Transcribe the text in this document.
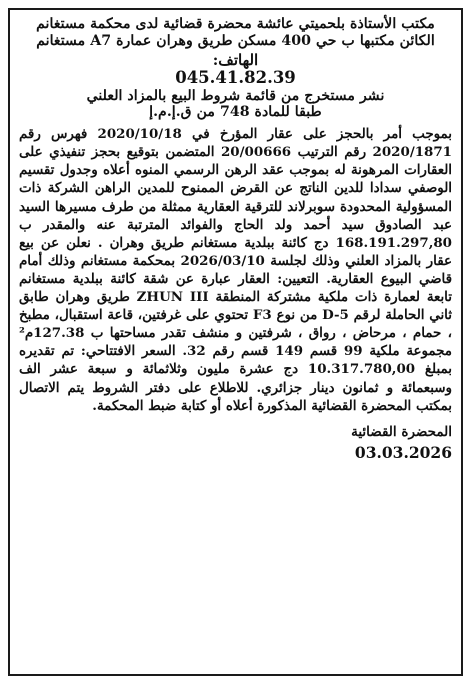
مكتب الأستاذة بلحميتي عائشة محضرة قضائية لدى محكمة مستغانم
الكائن مكتبها ب حي 400 مسكن طريق وهران عمارة A7 مستغانم
الهاتف:
045.41.82.39
نشر مستخرج من قائمة شروط البيع بالمزاد العلني
طبقا للمادة 748 من ق.إ.م.إ

بموجب أمر بالحجز على عقار المؤرخ في 2020/10/18 فهرس رقم 2020/1871 رقم الترتيب 20/00666 المتضمن بتوقيع بحجز تنفيذي على العقارات المرهونة له بموجب عقد الرهن الرسمي المنوه أعلاه وجدول تقسيم الوصفي سدادا للدين الناتج عن القرض الممنوح للمدين الراهن الشركة ذات المسؤولية المحدودة سوبرلاند للترقية العقارية ممثلة من طرف مسيرها السيد عبد الصادوق سيد أحمد ولد الحاج والفوائد المترتبة عنه والمقدر ب 168.191.297,80 دج كائنة ببلدية مستغانم طريق وهران . نعلن عن بيع عقار بالمزاد العلني وذلك لجلسة 2026/03/10 بمحكمة مستغانم وذلك أمام قاضي البيوع العقارية. التعيين: العقار عبارة عن شقة كائنة ببلدية مستغانم تابعة لعمارة ذات ملكية مشتركة المنطقة ZHUN III طريق وهران طابق ثاني الحاملة لرقم D-5 من نوع F3 تحتوي على غرفتين، قاعة استقبال، مطبخ ، حمام ، مرحاض ، رواق ، شرفتين و منشف تقدر مساحتها ب 127.38م² مجموعة ملكية 99 قسم 149 قسم رقم 32. السعر الافتتاحي: تم تقديره بمبلغ 10.317.780,00 دج عشرة مليون وثلاثمائة و سبعة عشر الف وسبعمائة و ثمانون دينار جزائري. للاطلاع على دفتر الشروط يتم الاتصال بمكتب المحضرة القضائية المذكورة أعلاه أو كتابة ضبط المحكمة.

المحضرة القضائية
03.03.2026
